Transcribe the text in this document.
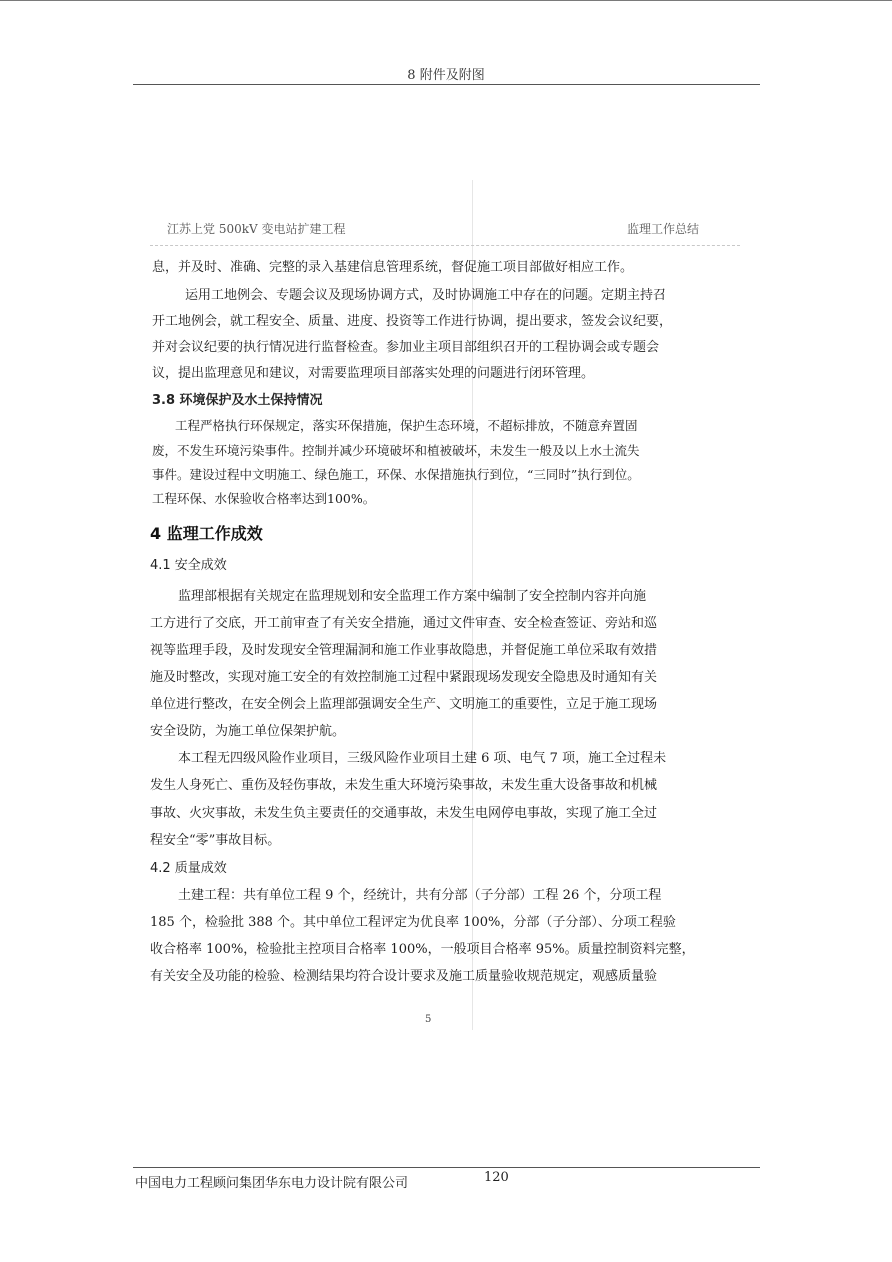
8 附件及附图
江苏上党 500kV 变电站扩建工程	监理工作总结
息，并及时、准确、完整的录入基建信息管理系统，督促施工项目部做好相应工作。
运用工地例会、专题会议及现场协调方式，及时协调施工中存在的问题。定期主持召
开工地例会，就工程安全、质量、进度、投资等工作进行协调，提出要求，签发会议纪要，
并对会议纪要的执行情况进行监督检查。参加业主项目部组织召开的工程协调会或专题会
议，提出监理意见和建议，对需要监理项目部落实处理的问题进行闭环管理。
3.8 环境保护及水土保持情况
工程严格执行环保规定，落实环保措施，保护生态环境，不超标排放，不随意弃置固
废，不发生环境污染事件。控制并减少环境破坏和植被破坏，未发生一般及以上水土流失
事件。建设过程中文明施工、绿色施工，环保、水保措施执行到位，“三同时”执行到位。
工程环保、水保验收合格率达到100%。
4 监理工作成效
4.1 安全成效
监理部根据有关规定在监理规划和安全监理工作方案中编制了安全控制内容并向施
工方进行了交底，开工前审查了有关安全措施，通过文件审查、安全检查签证、旁站和巡
视等监理手段，及时发现安全管理漏洞和施工作业事故隐患，并督促施工单位采取有效措
施及时整改，实现对施工安全的有效控制施工过程中紧跟现场发现安全隐患及时通知有关
单位进行整改，在安全例会上监理部强调安全生产、文明施工的重要性，立足于施工现场
安全设防，为施工单位保架护航。
本工程无四级风险作业项目，三级风险作业项目土建 6 项、电气 7 项，施工全过程未
发生人身死亡、重伤及轻伤事故，未发生重大环境污染事故，未发生重大设备事故和机械
事故、火灾事故，未发生负主要责任的交通事故，未发生电网停电事故，实现了施工全过
程安全“零”事故目标。
4.2 质量成效
土建工程：共有单位工程 9 个，经统计，共有分部（子分部）工程 26 个，分项工程
185 个，检验批 388 个。其中单位工程评定为优良率 100%，分部（子分部）、分项工程验
收合格率 100%，检验批主控项目合格率 100%，一般项目合格率 95%。质量控制资料完整，
有关安全及功能的检验、检测结果均符合设计要求及施工质量验收规范规定，观感质量验
5
中国电力工程顾问集团华东电力设计院有限公司	120
